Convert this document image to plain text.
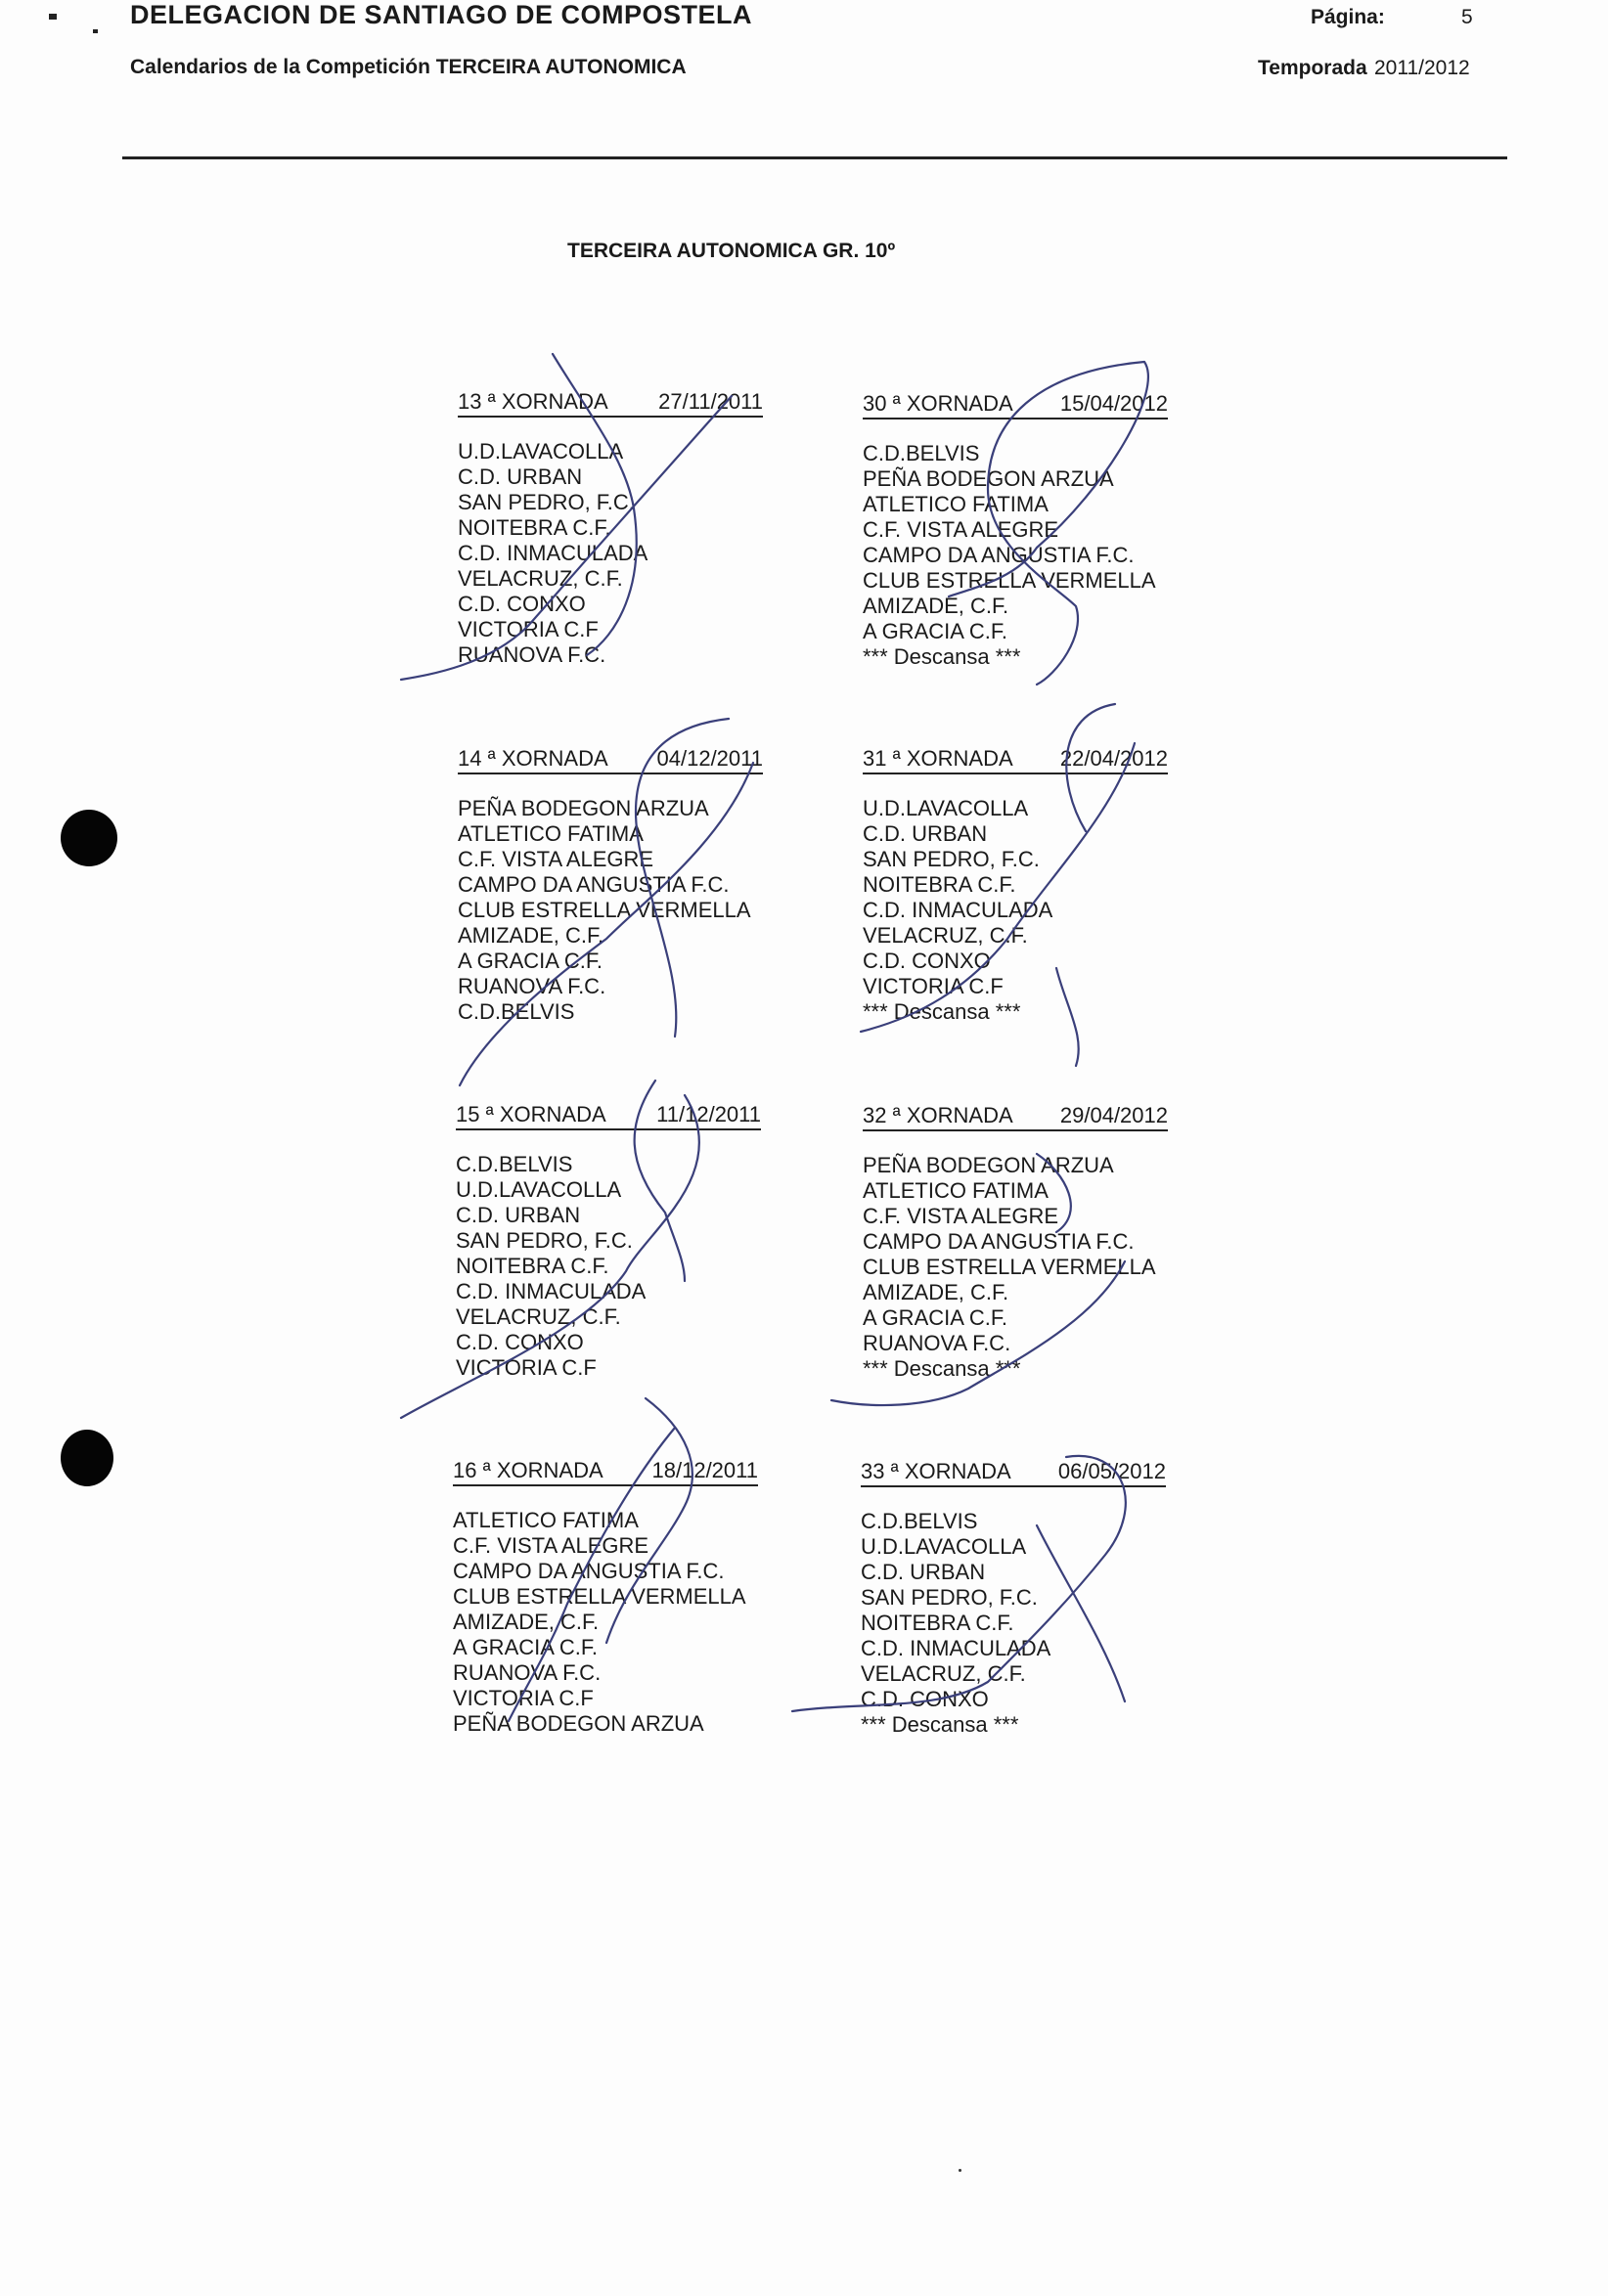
DELEGACION DE SANTIAGO DE COMPOSTELA
Calendarios de la Competición TERCEIRA AUTONOMICA
Página:	5
Temporada 2011/2012
TERCEIRA AUTONOMICA GR. 10º
13 ª XORNADA 27/11/2011
U.D.LAVACOLLA
C.D. URBAN
SAN PEDRO, F.C.
NOITEBRA C.F.
C.D. INMACULADA
VELACRUZ, C.F.
C.D. CONXO
VICTORIA C.F
RUANOVA F.C.
30 ª XORNADA 15/04/2012
C.D.BELVIS
PEÑA BODEGON ARZUA
ATLETICO FATIMA
C.F. VISTA ALEGRE
CAMPO DA ANGUSTIA F.C.
CLUB ESTRELLA VERMELLA
AMIZADE, C.F.
A GRACIA C.F.
*** Descansa ***
14 ª XORNADA 04/12/2011
PEÑA BODEGON ARZUA
ATLETICO FATIMA
C.F. VISTA ALEGRE
CAMPO DA ANGUSTIA F.C.
CLUB ESTRELLA VERMELLA
AMIZADE, C.F.
A GRACIA C.F.
RUANOVA F.C.
C.D.BELVIS
31 ª XORNADA 22/04/2012
U.D.LAVACOLLA
C.D. URBAN
SAN PEDRO, F.C.
NOITEBRA C.F.
C.D. INMACULADA
VELACRUZ, C.F.
C.D. CONXO
VICTORIA C.F
*** Descansa ***
15 ª XORNADA 11/12/2011
C.D.BELVIS
U.D.LAVACOLLA
C.D. URBAN
SAN PEDRO, F.C.
NOITEBRA C.F.
C.D. INMACULADA
VELACRUZ, C.F.
C.D. CONXO
VICTORIA C.F
32 ª XORNADA 29/04/2012
PEÑA BODEGON ARZUA
ATLETICO FATIMA
C.F. VISTA ALEGRE
CAMPO DA ANGUSTIA F.C.
CLUB ESTRELLA VERMELLA
AMIZADE, C.F.
A GRACIA C.F.
RUANOVA F.C.
*** Descansa ***
16 ª XORNADA 18/12/2011
ATLETICO FATIMA
C.F. VISTA ALEGRE
CAMPO DA ANGUSTIA F.C.
CLUB ESTRELLA VERMELLA
AMIZADE, C.F.
A GRACIA C.F.
RUANOVA F.C.
VICTORIA C.F
PEÑA BODEGON ARZUA
33 ª XORNADA 06/05/2012
C.D.BELVIS
U.D.LAVACOLLA
C.D. URBAN
SAN PEDRO, F.C.
NOITEBRA C.F.
C.D. INMACULADA
VELACRUZ, C.F.
C.D. CONXO
*** Descansa ***
